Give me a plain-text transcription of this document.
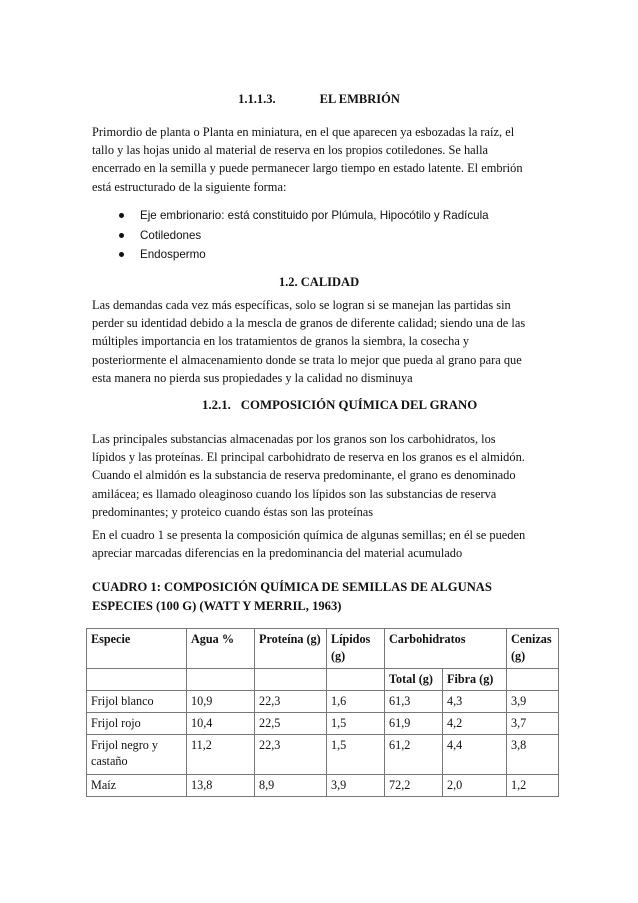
1.1.1.3.	EL EMBRIÓN
Primordio de planta o Planta en miniatura, en el que aparecen ya esbozadas la raíz, el
tallo y las hojas unido al material de reserva en los propios cotiledones. Se halla
encerrado en la semilla y puede permanecer largo tiempo en estado latente. El embrión
está estructurado de la siguiente forma:
Eje embrionario: está constituido por Plúmula, Hipocótilo y Radícula
Cotiledones
Endospermo
1.2. CALIDAD
Las demandas cada vez más específicas, solo se logran si se manejan las partidas sin
perder su identidad debido a la mescla de granos de diferente calidad; siendo una de las
múltiples importancia en los tratamientos de granos la siembra, la cosecha y
posteriormente el almacenamiento donde se trata lo mejor que pueda al grano para que
esta manera no pierda sus propiedades y la calidad no disminuya
1.2.1. COMPOSICIÓN QUÍMICA DEL GRANO
Las principales substancias almacenadas por los granos son los carbohidratos, los
lípidos y las proteínas. El principal carbohidrato de reserva en los granos es el almidón.
Cuando el almidón es la substancia de reserva predominante, el grano es denominado
amilácea; es llamado oleaginoso cuando los lípidos son las substancias de reserva
predominantes; y proteico cuando éstas son las proteínas
En el cuadro 1 se presenta la composición química de algunas semillas; en él se pueden
apreciar marcadas diferencias en la predominancia del material acumulado
CUADRO 1: COMPOSICIÓN QUÍMICA DE SEMILLAS DE ALGUNAS
ESPECIES (100 G) (WATT Y MERRIL, 1963)
Especie	Agua %	Proteína (g)	Lípidos (g)	Carbohidratos		Cenizas (g)
				Total (g)	Fibra (g)	
Frijol blanco	10,9	22,3	1,6	61,3	4,3	3,9
Frijol rojo	10,4	22,5	1,5	61,9	4,2	3,7
Frijol negro y castaño	11,2	22,3	1,5	61,2	4,4	3,8
Maíz	13,8	8,9	3,9	72,2	2,0	1,2
